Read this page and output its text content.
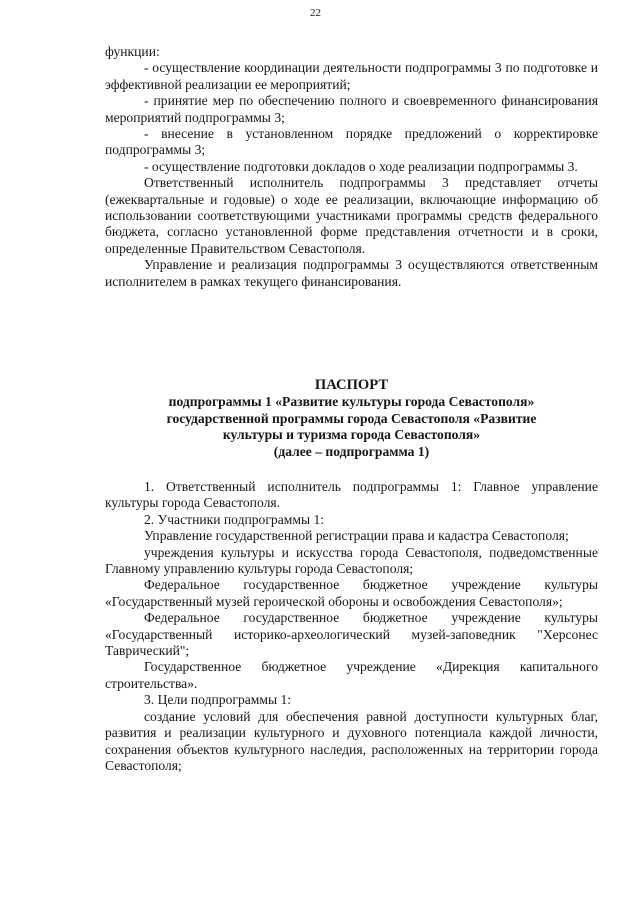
22

функции:

- осуществление координации деятельности подпрограммы 3 по подготовке и эффективной реализации ее мероприятий;

- принятие мер по обеспечению полного и своевременного финансирования мероприятий подпрограммы 3;

- внесение в установленном порядке предложений о корректировке подпрограммы 3;

- осуществление подготовки докладов о ходе реализации подпрограммы 3.

Ответственный исполнитель подпрограммы 3 представляет отчеты (ежеквартальные и годовые) о ходе ее реализации, включающие информацию об использовании соответствующими участниками программы средств федерального бюджета, согласно установленной форме представления отчетности и в сроки, определенные Правительством Севастополя.

Управление и реализация подпрограммы 3 осуществляются ответственным исполнителем в рамках текущего финансирования.

ПАСПОРТ
подпрограммы 1 «Развитие культуры города Севастополя»
государственной программы города Севастополя «Развитие
культуры и туризма города Севастополя»
(далее – подпрограмма 1)

1. Ответственный исполнитель подпрограммы 1: Главное управление культуры города Севастополя.

2. Участники подпрограммы 1:

Управление государственной регистрации права и кадастра Севастополя;

учреждения культуры и искусства города Севастополя, подведомственные Главному управлению культуры города Севастополя;

Федеральное государственное бюджетное учреждение культуры «Государственный музей героической обороны и освобождения Севастополя»;

Федеральное государственное бюджетное учреждение культуры «Государственный историко-археологический музей-заповедник "Херсонес Таврический";

Государственное бюджетное учреждение «Дирекция капитального строительства».

3. Цели подпрограммы 1:

создание условий для обеспечения равной доступности культурных благ, развития и реализации культурного и духовного потенциала каждой личности, сохранения объектов культурного наследия, расположенных на территории города Севастополя;
